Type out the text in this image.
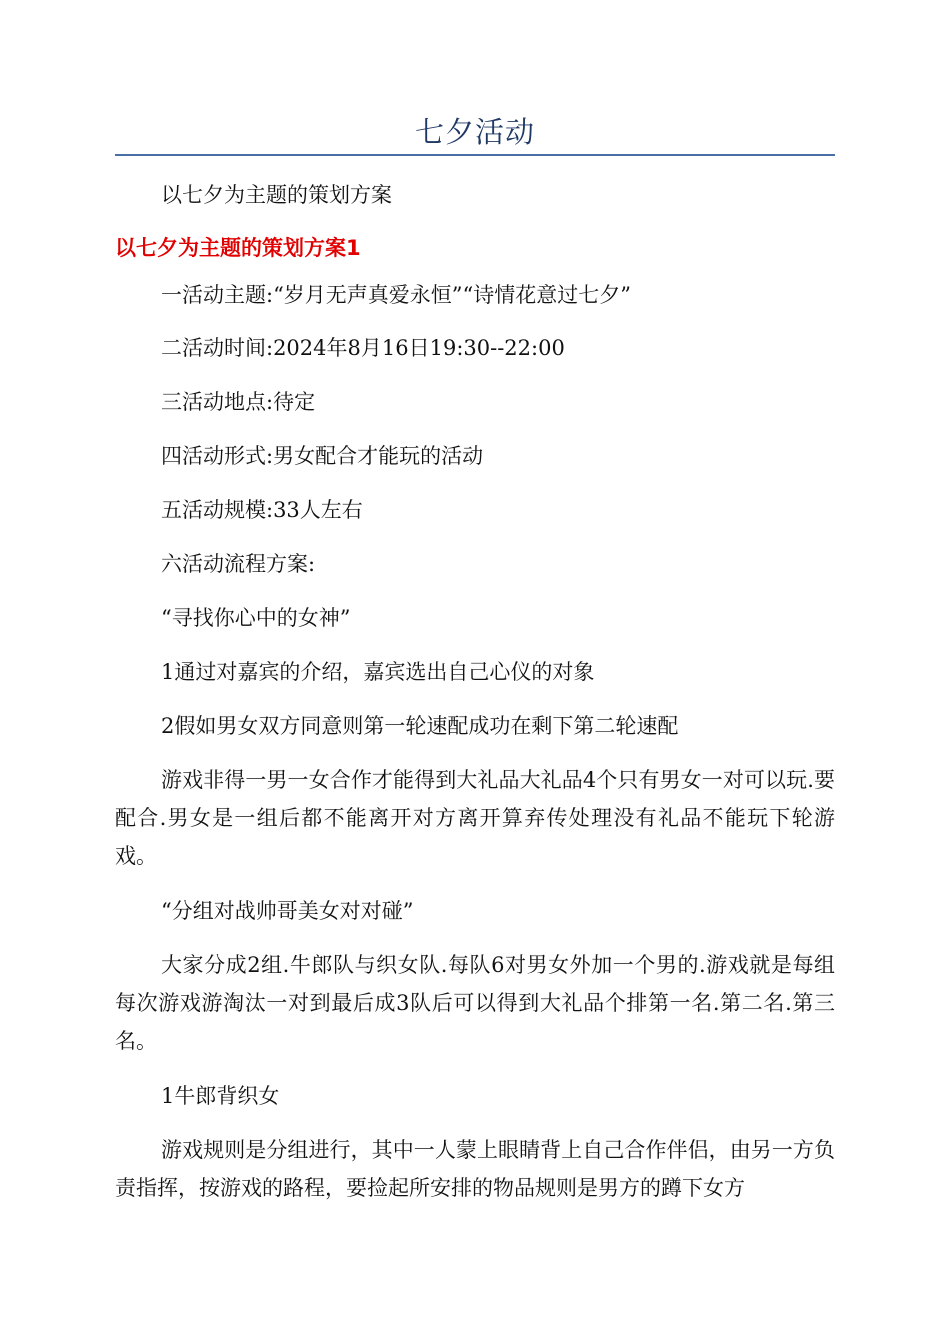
七夕活动
以七夕为主题的策划方案
以七夕为主题的策划方案1
一活动主题:“岁月无声真爱永恒”“诗情花意过七夕”
二活动时间:2024年8月16日19:30--22:00
三活动地点:待定
四活动形式:男女配合才能玩的活动
五活动规模:33人左右
六活动流程方案:
“寻找你心中的女神”
1通过对嘉宾的介绍，嘉宾选出自己心仪的对象
2假如男女双方同意则第一轮速配成功在剩下第二轮速配
游戏非得一男一女合作才能得到大礼品大礼品4个只有男女一对可以玩.要配合.男女是一组后都不能离开对方离开算弃传处理没有礼品不能玩下轮游戏。
“分组对战帅哥美女对对碰”
大家分成2组.牛郎队与织女队.每队6对男女外加一个男的.游戏就是每组每次游戏游淘汰一对到最后成3队后可以得到大礼品个排第一名.第二名.第三名。
1牛郎背织女
游戏规则是分组进行，其中一人蒙上眼睛背上自己合作伴侣，由另一方负责指挥，按游戏的路程，要捡起所安排的物品规则是男方的蹲下女方
